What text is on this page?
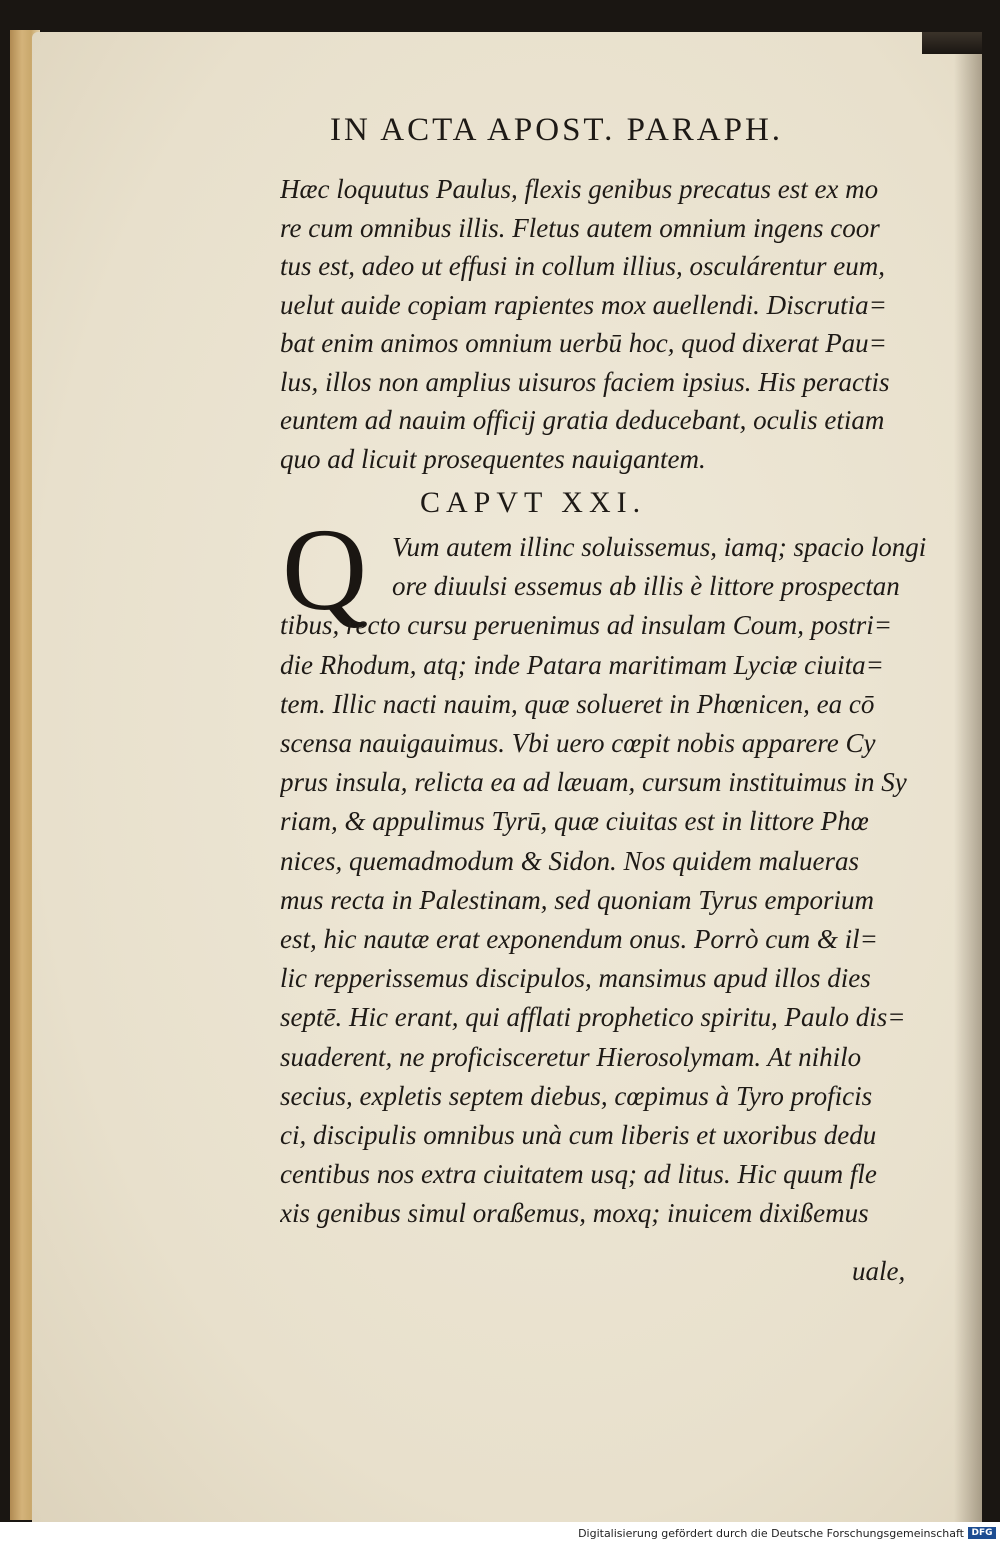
IN ACTA APOST. PARAPH.
Hæc loquutus Paulus, flexis genibus precatus est ex mo
re cum omnibus illis. Fletus autem omnium ingens coor
tus est, adeo ut effusi in collum illius, osculárentur eum,
uelut auide copiam rapientes mox auellendi. Discrutia=
bat enim animos omnium uerbū hoc, quod dixerat Pau=
lus, illos non amplius uisuros faciem ipsius. His peractis
euntem ad nauim officij gratia deducebant, oculis etiam
quo ad licuit prosequentes nauigantem.
CAPVT XXI.
Q Vum autem illinc soluissemus, iamq; spacio longi
ore diuulsi essemus ab illis è littore prospectan
tibus, recto cursu peruenimus ad insulam Coum, postri=
die Rhodum, atq; inde Patara maritimam Lyciæ ciuita=
tem. Illic nacti nauim, quæ solueret in Phœnicen, ea cō
scensa nauigauimus. Vbi uero cœpit nobis apparere Cy
prus insula, relicta ea ad læuam, cursum instituimus in Sy
riam, & appulimus Tyrū, quæ ciuitas est in littore Phœ
nices, quemadmodum & Sidon. Nos quidem malueras
mus recta in Palestinam, sed quoniam Tyrus emporium
est, hic nautæ erat exponendum onus. Porrò cum & il=
lic repperissemus discipulos, mansimus apud illos dies
septē. Hic erant, qui afflati prophetico spiritu, Paulo dis=
suaderent, ne proficisceretur Hierosolymam. At nihilo
secius, expletis septem diebus, cœpimus à Tyro proficis
ci, discipulis omnibus unà cum liberis et uxoribus dedu
centibus nos extra ciuitatem usq; ad litus. Hic quum fle
xis genibus simul oraßemus, moxq; inuicem dixißemus
uale,
Digitalisierung gefördert durch die Deutsche Forschungsgemeinschaft DFG
